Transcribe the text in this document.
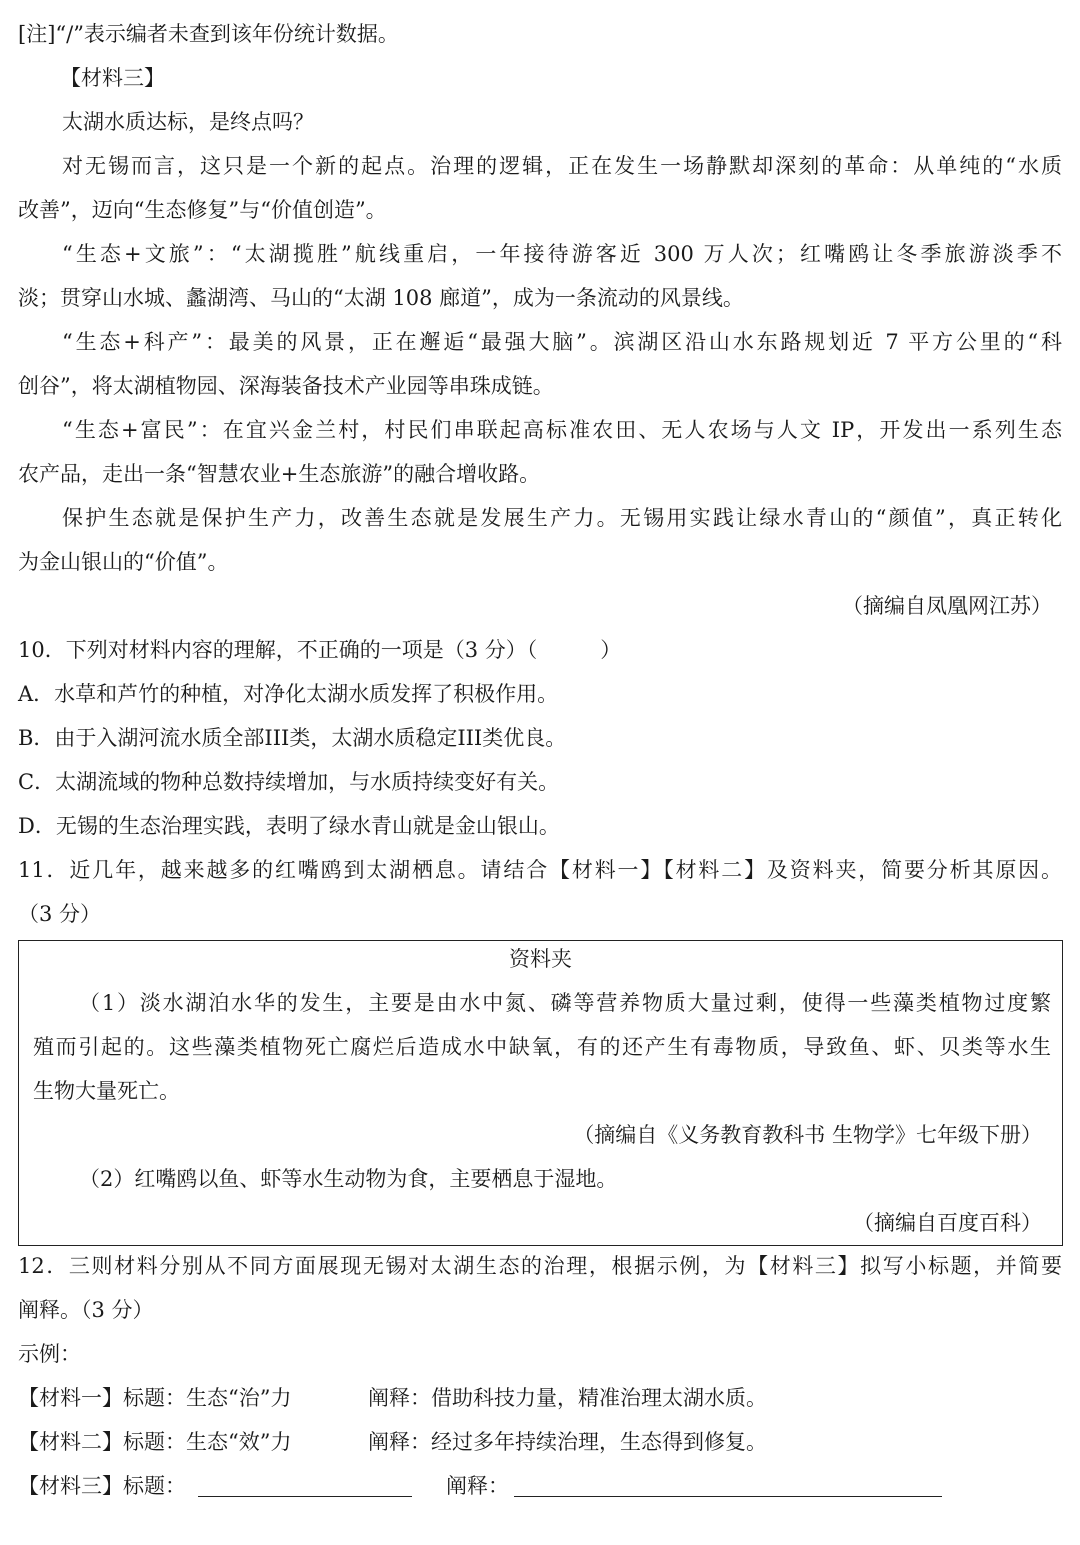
[注]“/”表示编者未查到该年份统计数据。
【材料三】
太湖水质达标，是终点吗？
对无锡而言，这只是一个新的起点。治理的逻辑，正在发生一场静默却深刻的革命：从单纯的“水质
改善”，迈向“生态修复”与“价值创造”。
“生态+文旅”：“太湖揽胜”航线重启，一年接待游客近 300 万人次；红嘴鸥让冬季旅游淡季不
淡；贯穿山水城、蠡湖湾、马山的“太湖 108 廊道”，成为一条流动的风景线。
“生态+科产”：最美的风景，正在邂逅“最强大脑”。滨湖区沿山水东路规划近 7 平方公里的“科
创谷”，将太湖植物园、深海装备技术产业园等串珠成链。
“生态+富民”：在宜兴金兰村，村民们串联起高标准农田、无人农场与人文 IP，开发出一系列生态
农产品，走出一条“智慧农业+生态旅游”的融合增收路。
保护生态就是保护生产力，改善生态就是发展生产力。无锡用实践让绿水青山的“颜值”，真正转化
为金山银山的“价值”。
（摘编自凤凰网江苏）
10．下列对材料内容的理解，不正确的一项是（3 分）（　　　）
A．水草和芦竹的种植，对净化太湖水质发挥了积极作用。
B．由于入湖河流水质全部III类，太湖水质稳定III类优良。
C．太湖流域的物种总数持续增加，与水质持续变好有关。
D．无锡的生态治理实践，表明了绿水青山就是金山银山。
11．近几年，越来越多的红嘴鸥到太湖栖息。请结合【材料一】【材料二】及资料夹，简要分析其原因。
（3 分）
资料夹
（1）淡水湖泊水华的发生，主要是由水中氮、磷等营养物质大量过剩，使得一些藻类植物过度繁
殖而引起的。这些藻类植物死亡腐烂后造成水中缺氧，有的还产生有毒物质，导致鱼、虾、贝类等水生
生物大量死亡。
（摘编自《义务教育教科书 生物学》七年级下册）
（2）红嘴鸥以鱼、虾等水生动物为食，主要栖息于湿地。
（摘编自百度百科）
12．三则材料分别从不同方面展现无锡对太湖生态的治理，根据示例，为【材料三】拟写小标题，并简要
阐释。（3 分）
示例：
【材料一】标题：生态“治”力	阐释：借助科技力量，精准治理太湖水质。
【材料二】标题：生态“效”力	阐释：经过多年持续治理，生态得到修复。
【材料三】标题：	阐释：
